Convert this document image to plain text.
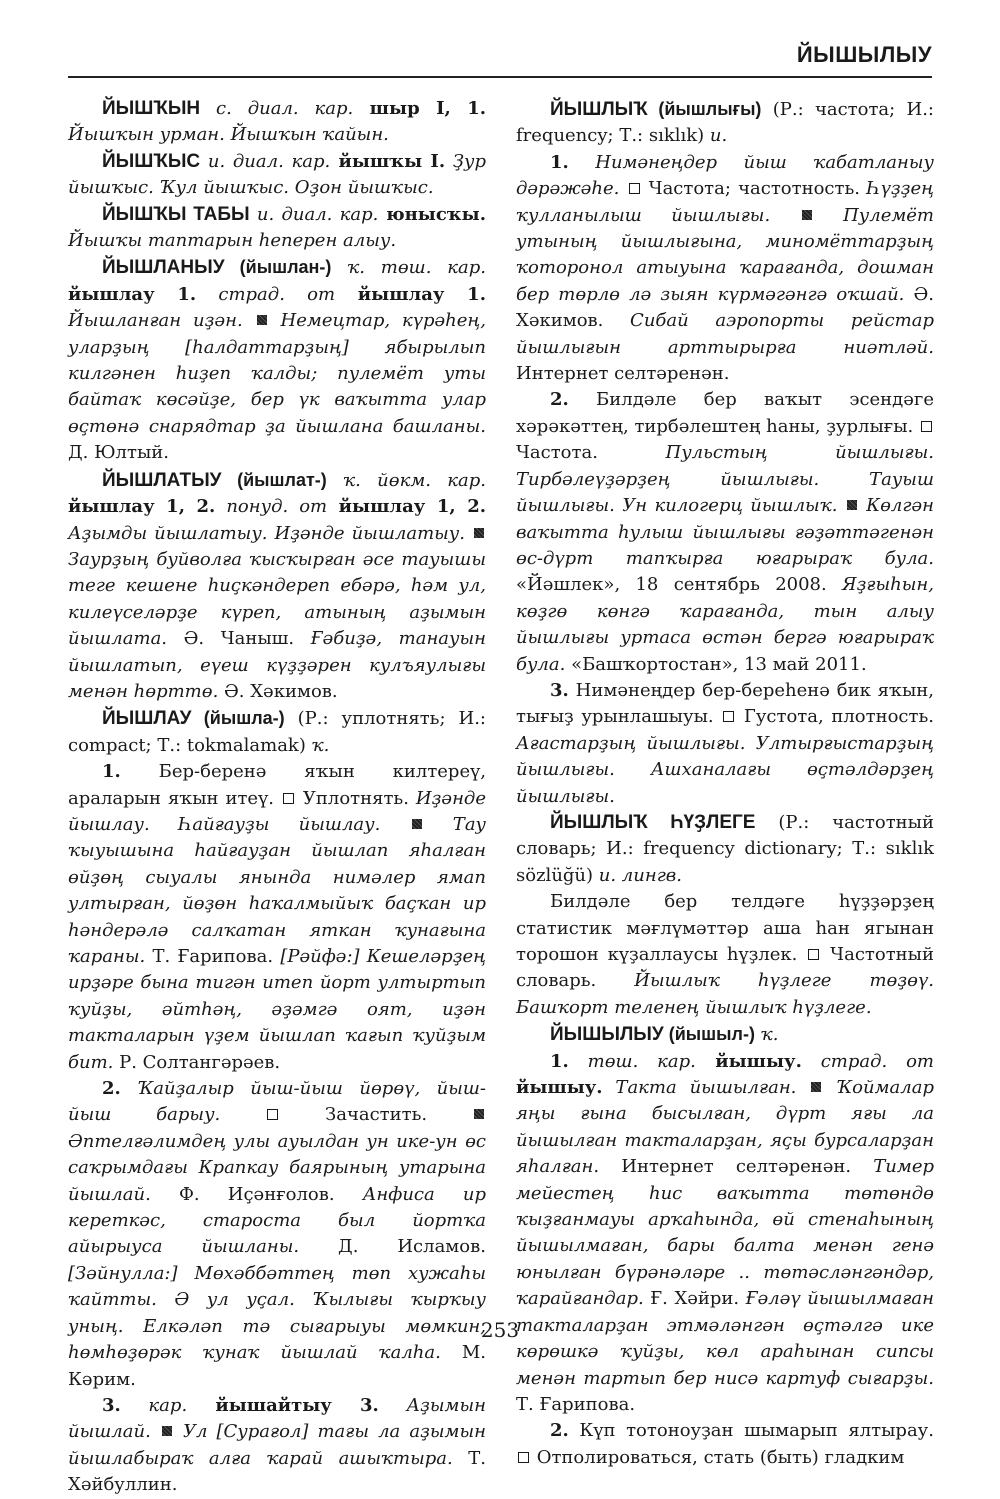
ЙЫШЫЛЫУ

ЙЫШҠЫН с. диал. кар. шыр I, 1. Йышҡын урман. Йышҡын ҡайын.

ЙЫШҠЫС и. диал. кар. йышҡы I. Ҙур йышҡыс. Ҡул йышҡыс. Оҙон йышҡыс.

ЙЫШҠЫ ТАБЫ и. диал. кар. юнысҡы. Йышҡы таптарын һеперен алыу.

ЙЫШЛАНЫУ (йышлан-) ҡ. төш. кар. йышлау 1. страд. от йышлау 1. Йышланған иҙән.  Немецтар, күрәһең, уларҙың [һалдаттарҙың] ябырылып килгәнен һиҙеп ҡалды; пулемёт уты байтаҡ көсәйҙе, бер үк ваҡытта улар өҫтөнә снарядтар ҙа йышлана башланы. Д. Юлтый.

ЙЫШЛАТЫУ (йышлат-) ҡ. йөкм. кар. йышлау 1, 2. понуд. от йышлау 1, 2. Аҙымды йышлатыу. Иҙәнде йышлатыу.  Заурҙың буйволға ҡысҡырған әсе тауышы теге кешене һиҫкәндереп ебәрә, һәм ул, килеүселәрҙе күреп, атының аҙымын йышлата. Ә. Чаныш. Ғәбиҙә, танауын йышлатып, еүеш күҙҙәрен кулъяулығы менән һөрттө. Ә. Хәкимов.

ЙЫШЛАУ (йышла-) (Р.: уплотнять; И.: compact; Т.: tokmalamak) ҡ.

1. Бер-беренә яҡын килтереү, араларын яҡын итеү.  Уплотнять. Иҙәнде йышлау. Һайғауҙы йышлау.  Тау ҡыуышына һайғауҙан йышлап яһалған өйҙөң сыуалы янында нимәлер ямап ултырған, йөҙөн һаҡалмыйыҡ баҫҡан ир һәндерәлә салҡатан яткан ҡунағына ҡараны. Т. Ғарипова. [Рәйфә:] Кешеләрҙең ирҙәре бына тигән итеп йорт ултыртып ҡуйҙы, әйтһәң, әҙәмгә оят, иҙән такталарын үҙем йышлап ҡағып ҡуйҙым бит. Р. Солтангәрәев.

2. Ҡайҙалыр йыш-йыш йөрөү, йыш-йыш барыу.	Зачастить.  Әптелғәлимдең улы ауылдан ун ике-ун өс саҡрымдағы Крапкау баярының утарына йышлай. Ф. Иҫәнғолов. Анфиса ир кереткәс, староста был йортҡа айырыуса йышланы. Д. Исламов. [Зәйнулла:] Мөхәббәттең төп хужаһы ҡайтты. Ә ул уҫал. Ҡылығы ҡырҡыу уның. Елкәләп тә сығарыуы мөмкин, һөмһөҙөрәк ҡунаҡ йышлай ҡалһа. М. Кәрим.

3. кар. йышайтыу 3. Аҙымын йышлай.  Ул [Сурағол] тағы ла аҙымын йышлабыраҡ алға ҡарай ашыҡтыра. Т. Хәйбуллин.

ЙЫШЛЫҠ (йышлығы) (Р.: частота; И.: frequency; Т.: sıklık) и.

1. Нимәнеңдер йыш ҡабатланыу дәрәжәһе.  Частота; частотность. Һүҙҙең ҡулланылыш йышлығы.  Пулемёт утының йышлығына, миномёттарҙың ҡоторонол атыуына ҡарағанда, дошман бер төрлө лә зыян күрмәгәнгә оҡшай. Ә. Хәкимов. Сибай аэропорты рейстар йышлығын арттырырға ниәтләй. Интернет селтәренән.

2. Билдәле бер ваҡыт эсендәге хәрәкәттең, тирбәлештең һаны, ҙурлығы.  Частота. Пульстың йышлығы. Тирбәлеүҙәрҙең йышлығы. Тауыш йышлығы. Ун килогерц йышлыҡ.  Көлгән ваҡытта һулыш йышлығы ғәҙәттәгенән өс-дүрт тапҡырға юғарыраҡ була. «Йәшлек», 18 сентябрь 2008. Яҙғыһын, көҙгө көнгә ҡарағанда, тын алыу йышлығы уртаса өстән бергә юғарыраҡ була. «Башҡортостан», 13 май 2011.

3. Нимәнеңдер бер-береһенә бик яҡын, тығыҙ урынлашыуы.  Густота, плотность. Ағастарҙың йышлығы. Ултырғыстарҙың йышлығы. Ашханалағы өҫтәлдәрҙең йышлығы.

ЙЫШЛЫҠ ҺҮҘЛЕГЕ (Р.: частотный словарь; И.: frequency dictionary; Т.: sıklık sözlüğü) и. лингв.

Билдәле бер телдәге һүҙҙәрҙең статистик мәғлүмәттәр аша һан ягынан торошон күҙаллаусы һүҙлек.  Частотный словарь. Йышлыҡ һүҙлеге төҙөү. Башҡорт теленең йышлыҡ һүҙлеге.

ЙЫШЫЛЫУ (йышыл-) ҡ.

1. төш. кар. йышыу. страд. от йышыу. Такта йышылған.  Ҡоймалар яңы ғына бысылған, дүрт яғы ла йышылған такталарҙан, яҫы бурсаларҙан яһалған. Интернет селтәренән. Тимер мейестең һис ваҡытта төтөндө ҡыҙғанмауы арҡаһында, өй стенаһының йышылмаған, бары балта менән генә юнылған бүрәнәләре .. төтәсләнгәндәр, ҡарайғандар. Ғ. Хәйри. Ғәләү йышылмаған такталарҙан этмәләнгән өҫтәлгә ике көрөшкә ҡуйҙы, көл араһынан сипсы менән тартып бер нисә картуф сығарҙы. Т. Ғарипова.

2. Күп тотоноуҙан шымарып ялтырау.  Отполироваться, стать (быть) гладким

253
